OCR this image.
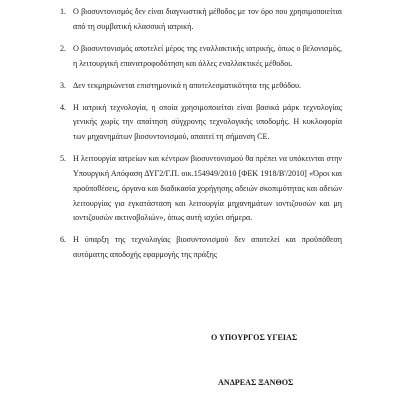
1. Ο βιοσυντονισμός δεν είναι διαγνωστική μέθοδος με τον όρο που χρησιμοποιείται από τη συμβατική κλασσική ιατρική.
2. Ο βιοσυντονισμός αποτελεί μέρος της εναλλακτικής ιατρικής, όπως ο βελονισμός, η λειτουργική επανατροφοδότηση και άλλες εναλλακτικές μέθοδοι.
3. Δεν τεκμηριώνεται επιστημονικά η αποτελεσματικότητα της μεθόδου.
4. Η ιατρική τεχνολογία, η οποία χρησιμοποιείται είναι βασικά μάρκ τεχνολογίας γενικής χωρίς την απαίτηση σύγχρονης τεχνολογικής υποδομής. Η κυκλοφορία των μηχανημάτων βιοσυντονισμού, απαιτεί τη σήμανση CE.
5. Η λειτουργία ιατρείων και κέντρων βιοσυντονισμού θα πρέπει να υπόκεινται στην Υπουργική Απόφαση ΔΥΓ2/Γ.Π. οικ.154949/2010 [ΦΕΚ 1918/Β'/2010] «Όροι και προϋποθέσεις, όργανα και διαδικασία χορήγησης αδειών σκοπιμότητας και αδειών λειτουργίας για εγκατάσταση και λειτουργία μηχανημάτων ιοντιζουσών και μη ιοντιζουσών ακτινοβολιών», όπως αυτή ισχύει σήμερα.
6. Η ύπαρξη της τεχνολογίας βιοσυντονισμού δεν αποτελεί και προϋπόθεση αυτόματης αποδοχής εφαρμογής της πράξης
Ο ΥΠΟΥΡΓΟΣ ΥΓΕΙΑΣ
ΑΝΔΡΕΑΣ ΞΑΝΘΟΣ
